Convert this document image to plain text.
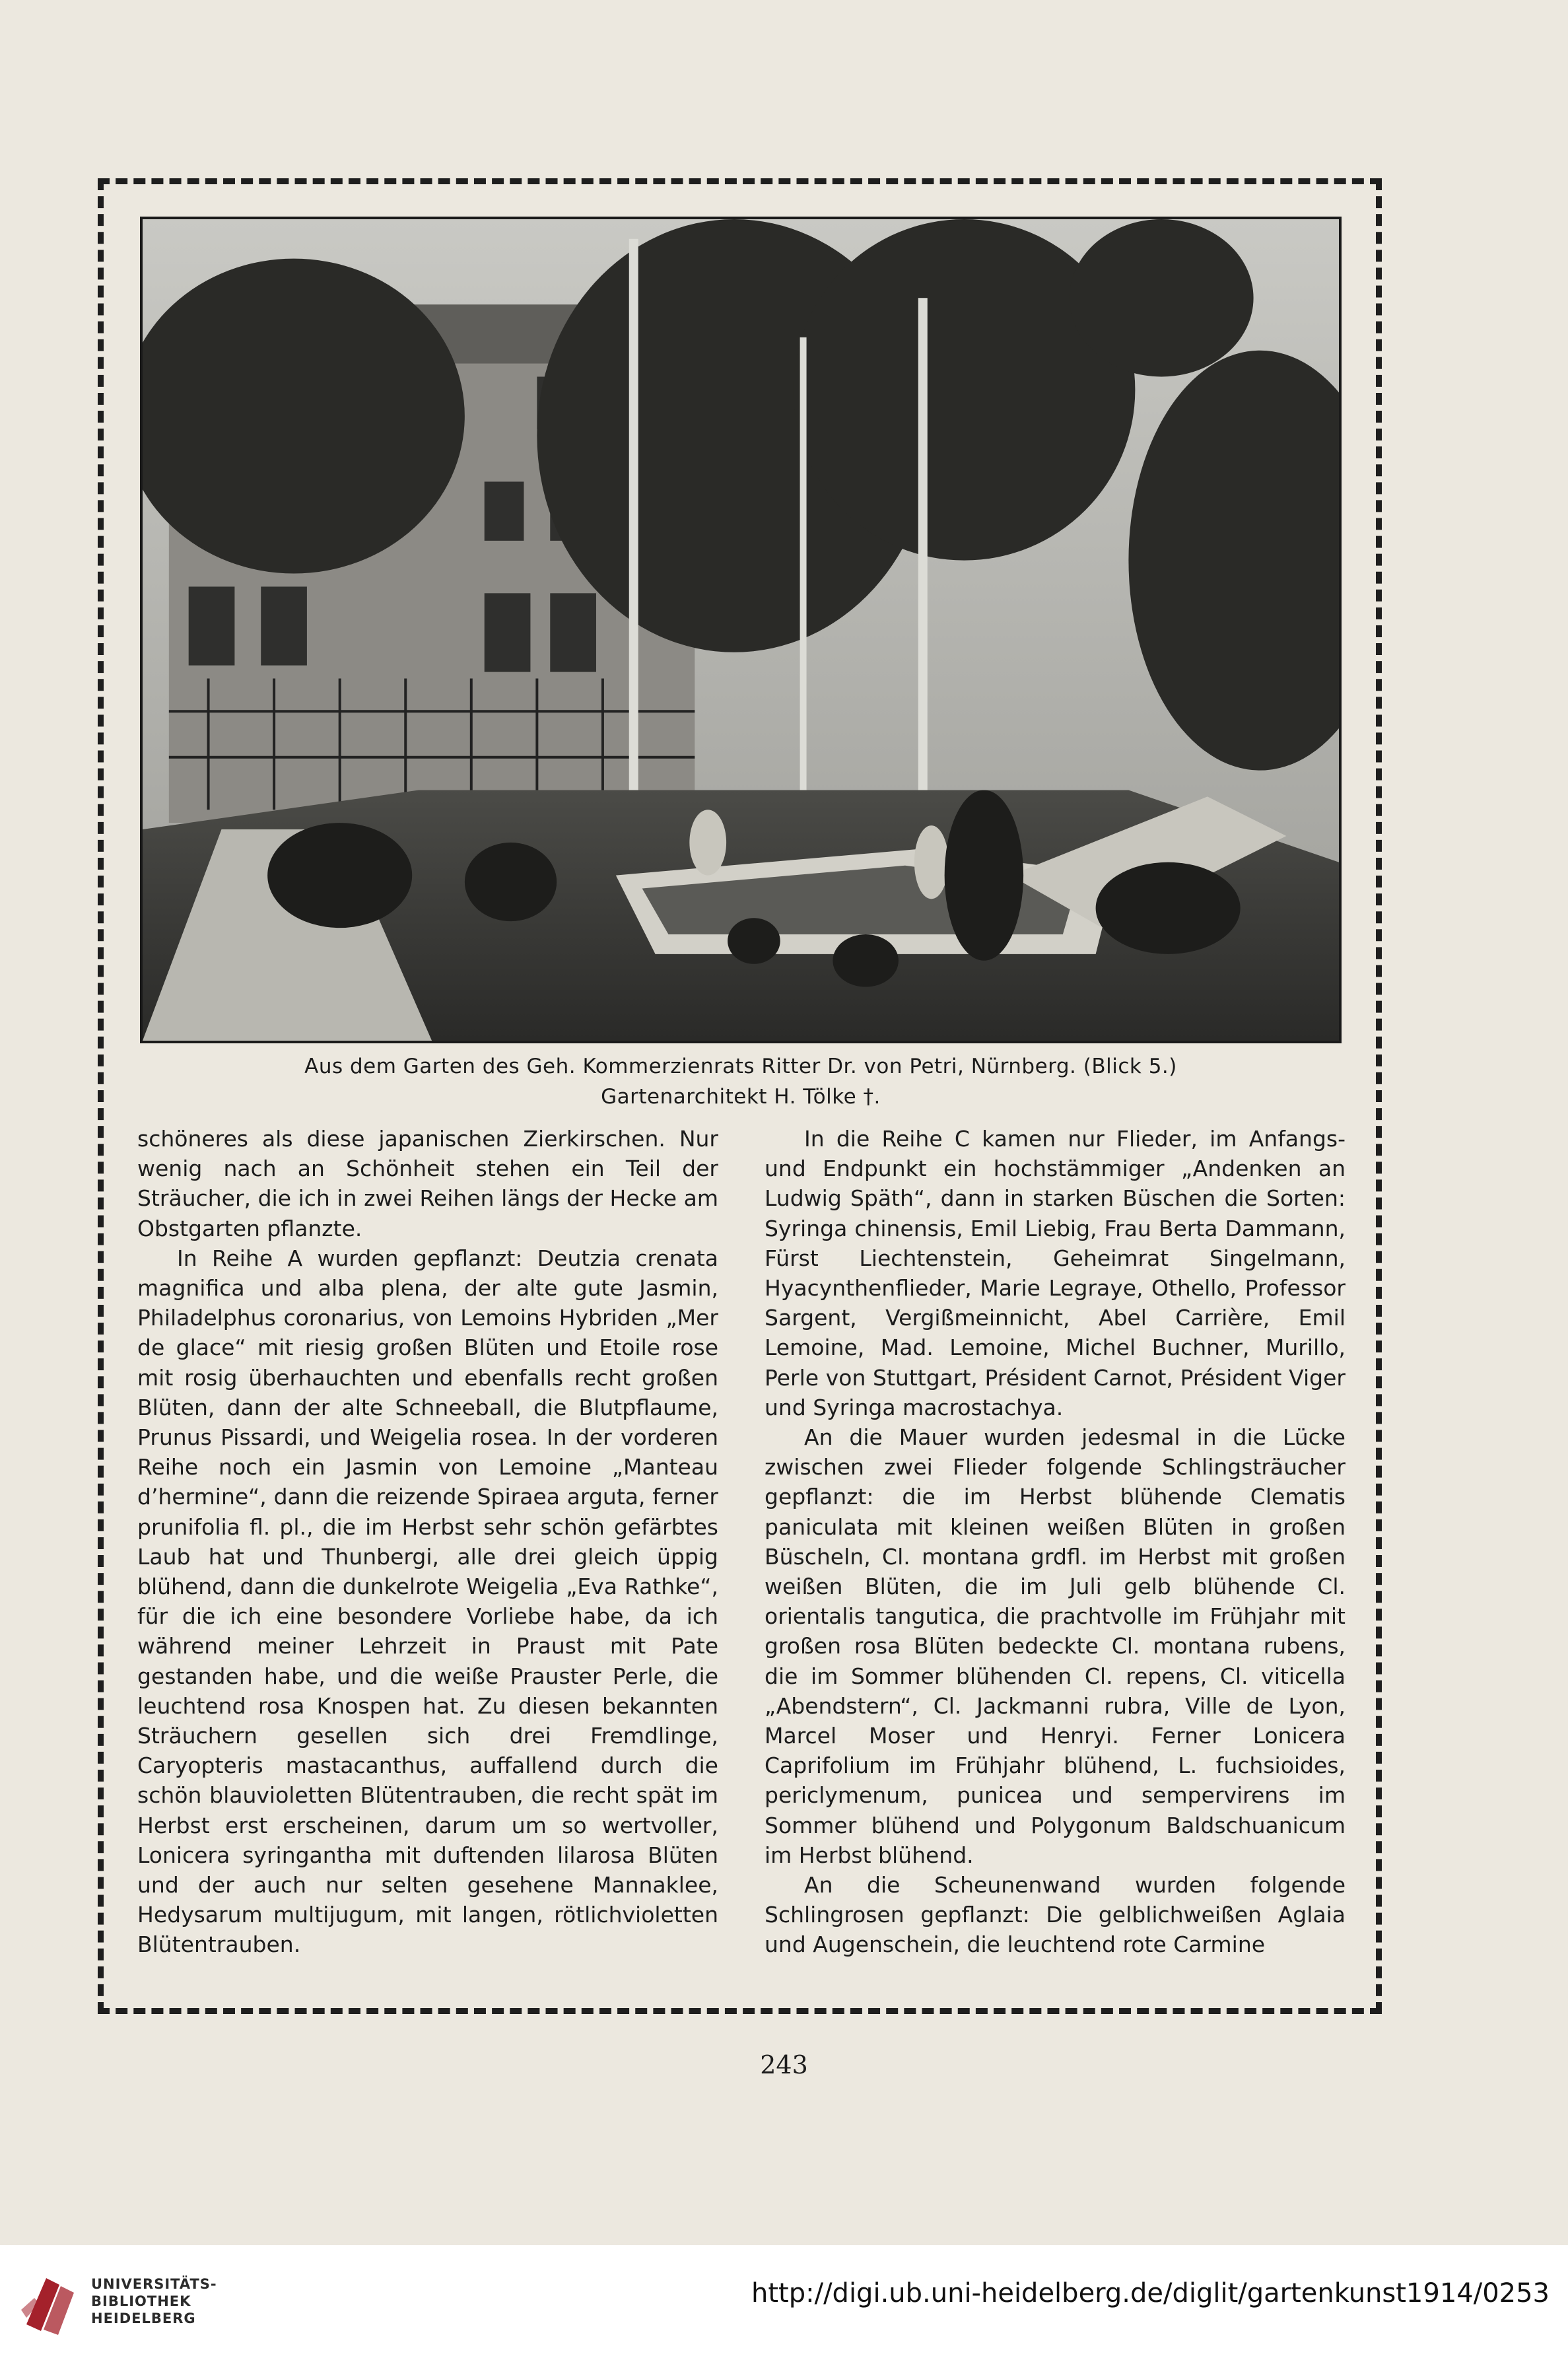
Aus dem Garten des Geh. Kommerzienrats Ritter Dr. von Petri, Nürnberg. (Blick 5.)
Gartenarchitekt H. Tölke †.

schöneres als diese japanischen Zierkirschen. Nur wenig nach an Schönheit stehen ein Teil der Sträucher, die ich in zwei Reihen längs der Hecke am Obstgarten pflanzte.

In Reihe A wurden gepflanzt: Deutzia crenata magnifica und alba plena, der alte gute Jasmin, Philadelphus coronarius, von Lemoins Hybriden „Mer de glace“ mit riesig großen Blüten und Etoile rose mit rosig überhauchten und ebenfalls recht großen Blüten, dann der alte Schneeball, die Blutpflaume, Prunus Pissardi, und Weigelia rosea. In der vorderen Reihe noch ein Jasmin von Lemoine „Manteau d’hermine“, dann die reizende Spiraea arguta, ferner prunifolia fl. pl., die im Herbst sehr schön gefärbtes Laub hat und Thunbergi, alle drei gleich üppig blühend, dann die dunkelrote Weigelia „Eva Rathke“, für die ich eine besondere Vorliebe habe, da ich während meiner Lehrzeit in Praust mit Pate gestanden habe, und die weiße Prauster Perle, die leuchtend rosa Knospen hat. Zu diesen bekannten Sträuchern gesellen sich drei Fremdlinge, Caryopteris mastacanthus, auffallend durch die schön blauvioletten Blütentrauben, die recht spät im Herbst erst erscheinen, darum um so wertvoller, Lonicera syringantha mit duftenden lilarosa Blüten und der auch nur selten gesehene Mannaklee, Hedysarum multijugum, mit langen, rötlichvioletten Blütentrauben.

In die Reihe C kamen nur Flieder, im Anfangs- und Endpunkt ein hochstämmiger „Andenken an Ludwig Späth“, dann in starken Büschen die Sorten: Syringa chinensis, Emil Liebig, Frau Berta Dammann, Fürst Liechtenstein, Geheimrat Singelmann, Hyacynthenflieder, Marie Legraye, Othello, Professor Sargent, Vergißmeinnicht, Abel Carrière, Emil Lemoine, Mad. Lemoine, Michel Buchner, Murillo, Perle von Stuttgart, Président Carnot, Président Viger und Syringa macrostachya.

An die Mauer wurden jedesmal in die Lücke zwischen zwei Flieder folgende Schlingsträucher gepflanzt: die im Herbst blühende Clematis paniculata mit kleinen weißen Blüten in großen Büscheln, Cl. montana grdfl. im Herbst mit großen weißen Blüten, die im Juli gelb blühende Cl. orientalis tangutica, die prachtvolle im Frühjahr mit großen rosa Blüten bedeckte Cl. montana rubens, die im Sommer blühenden Cl. repens, Cl. viticella „Abendstern“, Cl. Jackmanni rubra, Ville de Lyon, Marcel Moser und Henryi. Ferner Lonicera Caprifolium im Frühjahr blühend, L. fuchsioides, periclymenum, punicea und sempervirens im Sommer blühend und Polygonum Baldschuanicum im Herbst blühend.

An die Scheunenwand wurden folgende Schlingrosen gepflanzt: Die gelblichweißen Aglaia und Augenschein, die leuchtend rote Carmine

243
UNIVERSITÄTS-
BIBLIOTHEK
HEIDELBERG
http://digi.ub.uni-heidelberg.de/diglit/gartenkunst1914/0253
